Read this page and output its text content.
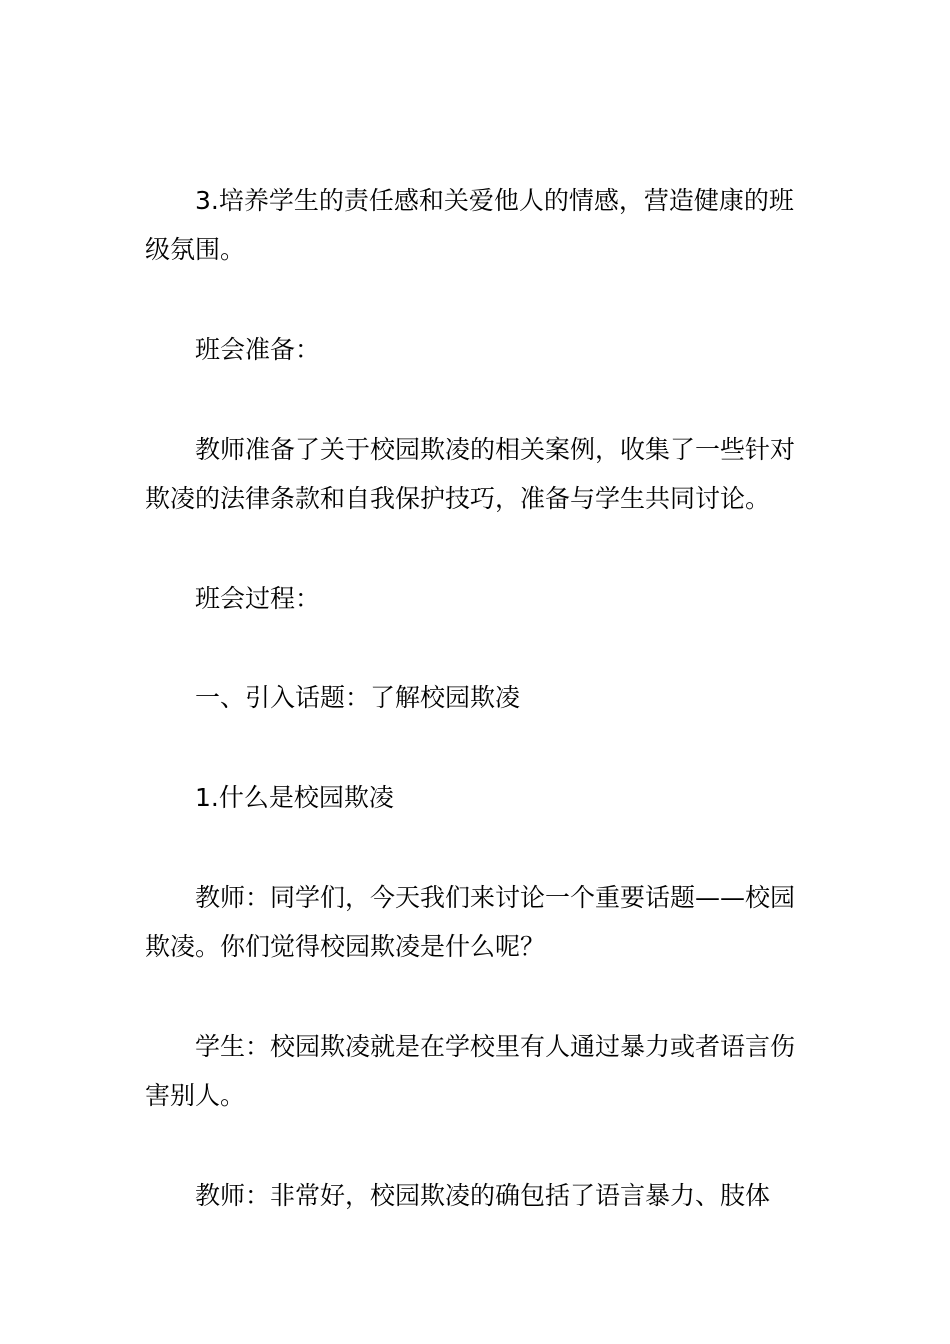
3.培养学生的责任感和关爱他人的情感，营造健康的班级氛围。

班会准备：

教师准备了关于校园欺凌的相关案例，收集了一些针对欺凌的法律条款和自我保护技巧，准备与学生共同讨论。

班会过程：

一、引入话题：了解校园欺凌

1.什么是校园欺凌

教师：同学们，今天我们来讨论一个重要话题——校园欺凌。你们觉得校园欺凌是什么呢？

学生：校园欺凌就是在学校里有人通过暴力或者语言伤害别人。

教师：非常好，校园欺凌的确包括了语言暴力、肢体
